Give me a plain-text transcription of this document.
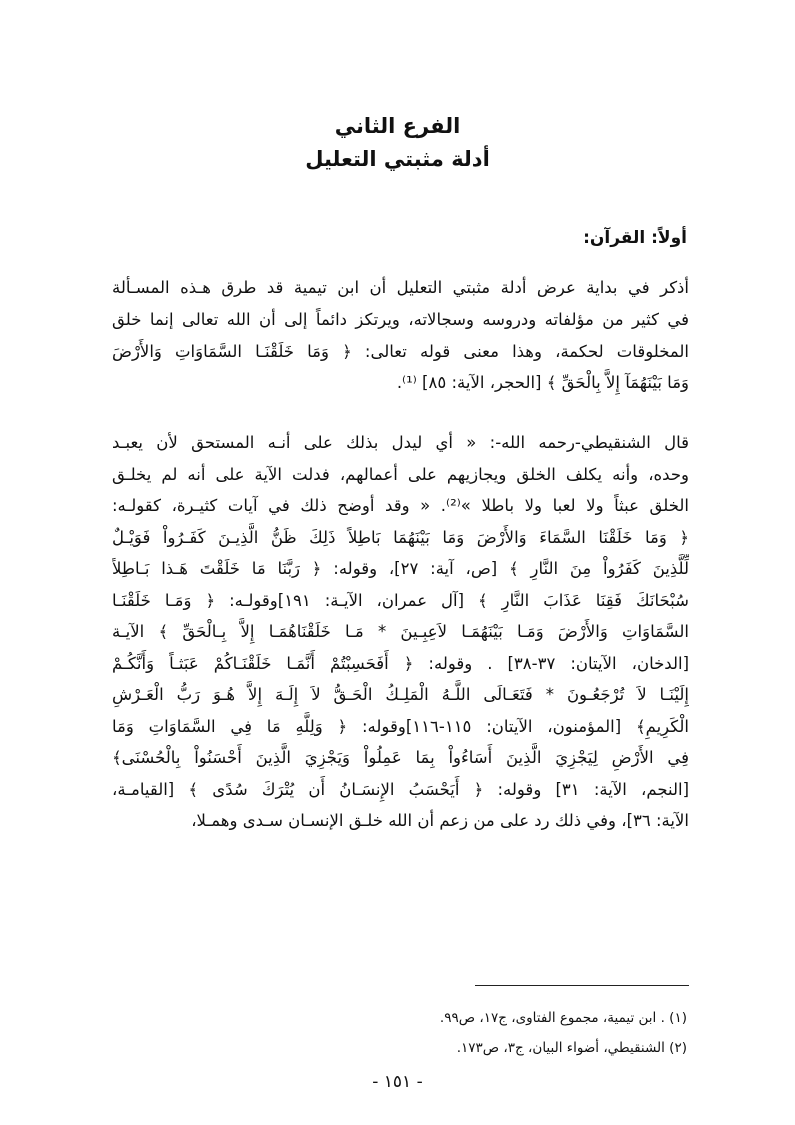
الفرع الثاني
أدلة مثبتي التعليل
أولاً: القرآن:
أذكر في بداية عرض أدلة مثبتي التعليل أن ابن تيمية قد طرق هـذه المسـألة
في كثير من مؤلفاته ودروسه وسجالاته، ويرتكز دائماً إلى أن الله تعالى إنما خلق
المخلوقات لحكمة، وهذا معنى قوله تعالى: ﴿ وَمَا خَلَقْنَـا السَّمَاوَاتِ وَالأَرْضَ
وَمَا بَيْنَهُمَآ إِلاَّ بِالْحَقِّ ﴾ [الحجر، الآية: ٨٥] ⁽¹⁾.
قال الشنقيطي-رحمه الله-: « أي ليدل بذلك على أنـه المستحق لأن يعبـد
وحده، وأنه يكلف الخلق ويجازيهم على أعمالهم، فدلت الآية على أنه لم يخلـق
الخلق عبثاً ولا لعبا ولا باطلا »⁽²⁾. « وقد أوضح ذلك في آيات كثيـرة، كقولـه:
﴿ وَمَا خَلَقْنَا السَّمَاءَ وَالأَرْضَ وَمَا بَيْنَهُمَا بَاطِلاً ذَلِكَ ظَنُّ الَّذِيـنَ كَفَـرُواْ فَوَيْـلٌ
لِّلَّذِينَ كَفَرُواْ مِنَ النَّارِ ﴾ [ص، آية: ٢٧]، وقوله: ﴿ رَبَّنَا مَا خَلَقْتَ هَـذا بَـاطِلاً
سُبْحَانَكَ فَقِنَا عَذَابَ النَّارِ ﴾ [آل عمران، الآيـة: ١٩١]وقولـه: ﴿ وَمَـا خَلَقْنَـا
السَّمَاوَاتِ وَالأَرْضَ وَمَـا بَيْنَهُمَـا لاَعِبِـينَ * مَـا خَلَقْنَاهُمَـا إِلاَّ بِـالْحَقِّ ﴾ الآيـة
[الدخان، الآيتان: ٣٧-٣٨] . وقوله: ﴿ أَفَحَسِبْتُمْ أَنَّمَـا خَلَقْنَـاكُمْ عَبَثـاً وَأَنَّكُـمْ
إِلَيْنَـا لاَ تُرْجَعُـونَ * فَتَعَـالَى اللَّـهُ الْمَلِـكُ الْحَـقُّ لاَ إِلَـهَ إِلاَّ هُـوَ رَبُّ الْعَـرْشِ
الْكَرِيمِ﴾ [المؤمنون، الآيتان: ١١٥-١١٦]وقوله: ﴿ وَلِلَّهِ مَا فِي السَّمَاوَاتِ وَمَا
فِي الأَرْضِ لِيَجْزِيَ الَّذِينَ أَسَاءُواْ بِمَا عَمِلُواْ وَيَجْزِيَ الَّذِينَ أَحْسَنُواْ بِالْحُسْنَى﴾
[النجم، الآية: ٣١] وقوله: ﴿ أَيَحْسَبُ الإِنسَـانُ أَن يُتْرَكَ سُدًى ﴾ [القيامـة،
الآية: ٣٦]، وفي ذلك رد على من زعم أن الله خلـق الإنسـان سـدى وهمـلا،
(١) . ابن تيمية، مجموع الفتاوى، ج١٧، ص٩٩.
(٢) الشنقيطي، أضواء البيان، ج٣، ص١٧٣.
- ١٥١ -
